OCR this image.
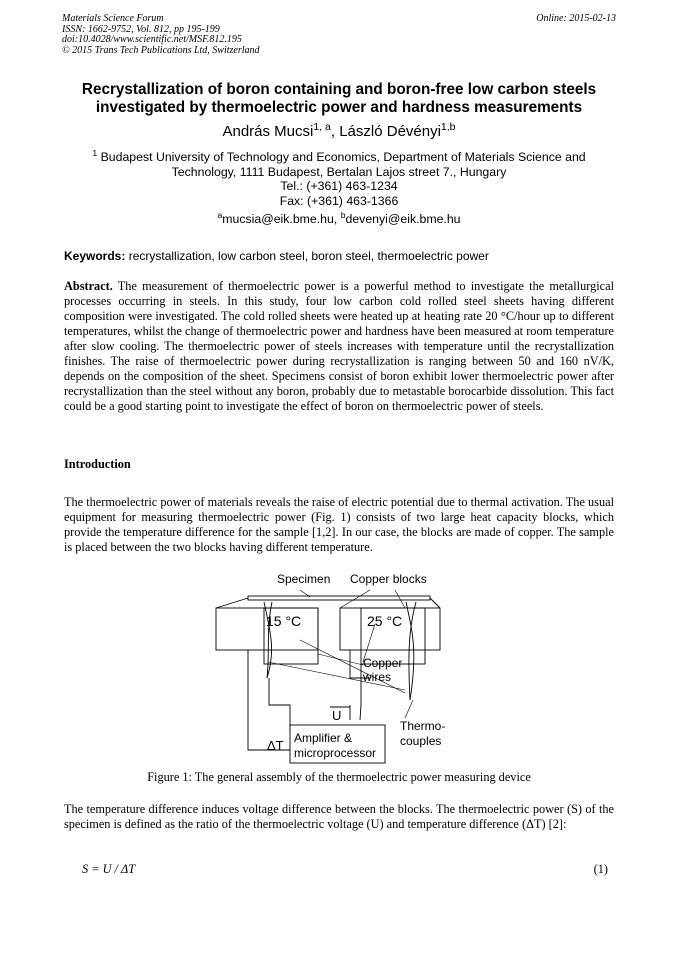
Materials Science Forum
ISSN: 1662-9752, Vol. 812, pp 195-199
doi:10.4028/www.scientific.net/MSF.812.195
© 2015 Trans Tech Publications Ltd, Switzerland
Online: 2015-02-13
Recrystallization of boron containing and boron-free low carbon steels
investigated by thermoelectric power and hardness measurements
András Mucsi$^{1, a}$, László Dévényi$^{1,b}$
$^1$ Budapest University of Technology and Economics, Department of Materials Science and
Technology, 1111 Budapest, Bertalan Lajos street 7., Hungary
Tel.: (+361) 463-1234
Fax: (+361) 463-1366
$^a$mucsia@eik.bme.hu, $^b$devenyi@eik.bme.hu
Keywords: recrystallization, low carbon steel, boron steel, thermoelectric power
Abstract. The measurement of thermoelectric power is a powerful method to investigate the metallurgical processes occurring in steels. In this study, four low carbon cold rolled steel sheets having different composition were investigated. The cold rolled sheets were heated up at heating rate 20 °C/hour up to different temperatures, whilst the change of thermoelectric power and hardness have been measured at room temperature after slow cooling. The thermoelectric power of steels increases with temperature until the recrystallization finishes. The raise of thermoelectric power during recrystallization is ranging between 50 and 160 nV/K, depends on the composition of the sheet. Specimens consist of boron exhibit lower thermoelectric power after recrystallization than the steel without any boron, probably due to metastable borocarbide dissolution. This fact could be a good starting point to investigate the effect of boron on thermoelectric power of steels.
Introduction
The thermoelectric power of materials reveals the raise of electric potential due to thermal activation. The usual equipment for measuring thermoelectric power (Fig. 1) consists of two large heat capacity blocks, which provide the temperature difference for the sample [1,2]. In our case, the blocks are made of copper. The sample is placed between the two blocks having different temperature.
Specimen Copper blocks
15 °C	25 °C
Copper
wires
U
ΔT Amplifier &
microprocessor
Thermo-
couples
Figure 1: The general assembly of the thermoelectric power measuring device
The temperature difference induces voltage difference between the blocks. The thermoelectric power (S) of the specimen is defined as the ratio of the thermoelectric voltage (U) and temperature difference (ΔT) [2]:
S = U / ΔT	(1)
